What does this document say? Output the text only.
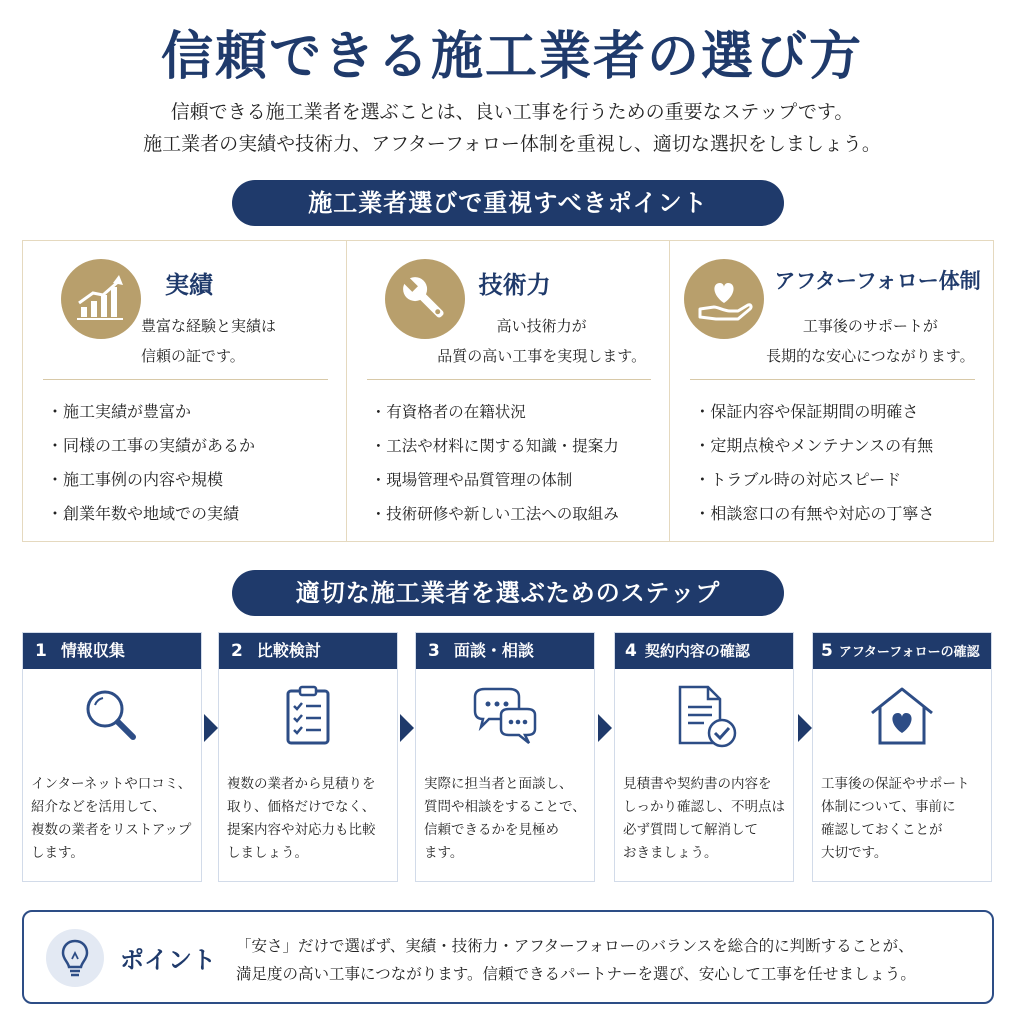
信頼できる施工業者の選び方
信頼できる施工業者を選ぶことは、良い工事を行うための重要なステップです。
施工業者の実績や技術力、アフターフォロー体制を重視し、適切な選択をしましょう。
施工業者選びで重視すべきポイント
実績
豊富な経験と実績は
信頼の証です。
・ 施工実績が豊富か
・ 同様の工事の実績があるか
・ 施工事例の内容や規模
・ 創業年数や地域での実績
技術力
高い技術力が
品質の高い工事を実現します。
・ 有資格者の在籍状況
・ 工法や材料に関する知識・提案力
・ 現場管理や品質管理の体制
・ 技術研修や新しい工法への取組み
アフターフォロー体制
工事後のサポートが
長期的な安心につながります。
・ 保証内容や保証期間の明確さ
・ 定期点検やメンテナンスの有無
・ トラブル時の対応スピード
・ 相談窓口の有無や対応の丁寧さ
適切な施工業者を選ぶためのステップ
1 情報収集
インターネットや口コミ、
紹介などを活用して、
複数の業者をリストアップ
します。
2 比較検討
複数の業者から見積りを
取り、価格だけでなく、
提案内容や対応力も比較
しましょう。
3 面談・相談
実際に担当者と面談し、
質問や相談をすることで、
信頼できるかを見極め
ます。
4 契約内容の確認
見積書や契約書の内容を
しっかり確認し、不明点は
必ず質問して解消して
おきましょう。
5 アフターフォローの確認
工事後の保証やサポート
体制について、事前に
確認しておくことが
大切です。
ポイント 「安さ」だけで選ばず、実績・技術力・アフターフォローのバランスを総合的に判断することが、
満足度の高い工事につながります。信頼できるパートナーを選び、安心して工事を任せましょう。
